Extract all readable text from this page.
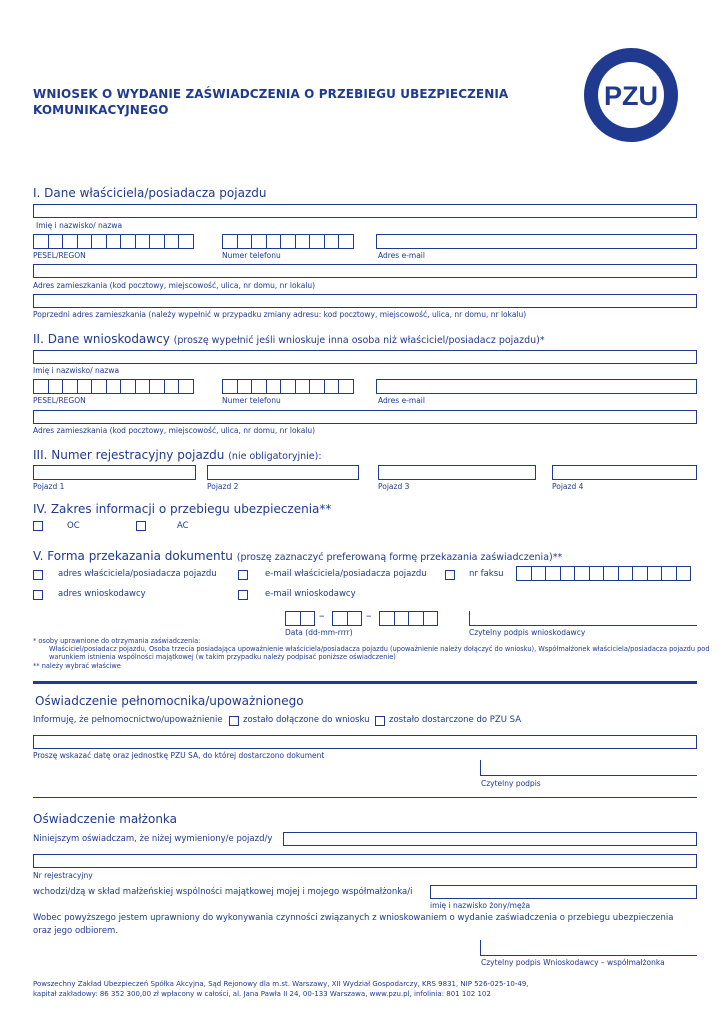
WNIOSEK O WYDANIE ZAŚWIADCZENIA O PRZEBIEGU UBEZPIECZENIA
KOMUNIKACYJNEGO	PZU
I. Dane właściciela/posiadacza pojazdu
Imię i nazwisko/ nazwa
PESEL/REGON	Numer telefonu	Adres e-mail
Adres zamieszkania (kod pocztowy, miejscowość, ulica, nr domu, nr lokalu)
Poprzedni adres zamieszkania (należy wypełnić w przypadku zmiany adresu: kod pocztowy, miejscowość, ulica, nr domu, nr lokalu)
II. Dane wnioskodawcy (proszę wypełnić jeśli wnioskuje inna osoba niż właściciel/posiadacz pojazdu)*
Imię i nazwisko/ nazwa
PESEL/REGON	Numer telefonu	Adres e-mail
Adres zamieszkania (kod pocztowy, miejscowość, ulica, nr domu, nr lokalu)
III. Numer rejestracyjny pojazdu (nie obligatoryjnie):
Pojazd 1	Pojazd 2	Pojazd 3	Pojazd 4
IV. Zakres informacji o przebiegu ubezpieczenia**
OC	AC
V. Forma przekazania dokumentu (proszę zaznaczyć preferowaną formę przekazania zaświadczenia)**
adres właściciela/posiadacza pojazdu	e-mail właściciela/posiadacza pojazdu	nr faksu
adres wnioskodawcy	e-mail wnioskodawcy
–	–
Data (dd-mm-rrrr)	Czytelny podpis wnioskodawcy
* osoby uprawnione do otrzymania zaświadczenia:
Właściciel/posiadacz pojazdu, Osoba trzecia posiadająca upoważnienie właściciela/posiadacza pojazdu (upoważnienie należy dołączyć do wniosku), Współmałżonek właściciela/posiadacza pojazdu pod
warunkiem istnienia wspólności majątkowej (w takim przypadku należy podpisać poniższe oświadczenie)
** należy wybrać właściwe
Oświadczenie pełnomocnika/upoważnionego
Informuję, że pełnomocnictwo/upoważnienie zostało dołączone do wniosku zostało dostarczone do PZU SA
Proszę wskazać datę oraz jednostkę PZU SA, do której dostarczono dokument
Czytelny podpis
Oświadczenie małżonka
Niniejszym oświadczam, że niżej wymieniony/e pojazd/y
Nr rejestracyjny
wchodzi/dzą w skład małżeńskiej wspólności majątkowej mojej i mojego współmałżonka/i
imię i nazwisko żony/męża
Wobec powyższego jestem uprawniony do wykonywania czynności związanych z wnioskowaniem o wydanie zaświadczenia o przebiegu ubezpieczenia
oraz jego odbiorem.
Czytelny podpis Wnioskodawcy – współmałżonka
Powszechny Zakład Ubezpieczeń Spółka Akcyjna, Sąd Rejonowy dla m.st. Warszawy, XII Wydział Gospodarczy, KRS 9831, NIP 526-025-10-49,
kapitał zakładowy: 86 352 300,00 zł wpłacony w całości, al. Jana Pawła II 24, 00-133 Warszawa, www.pzu.pl, infolinia: 801 102 102
